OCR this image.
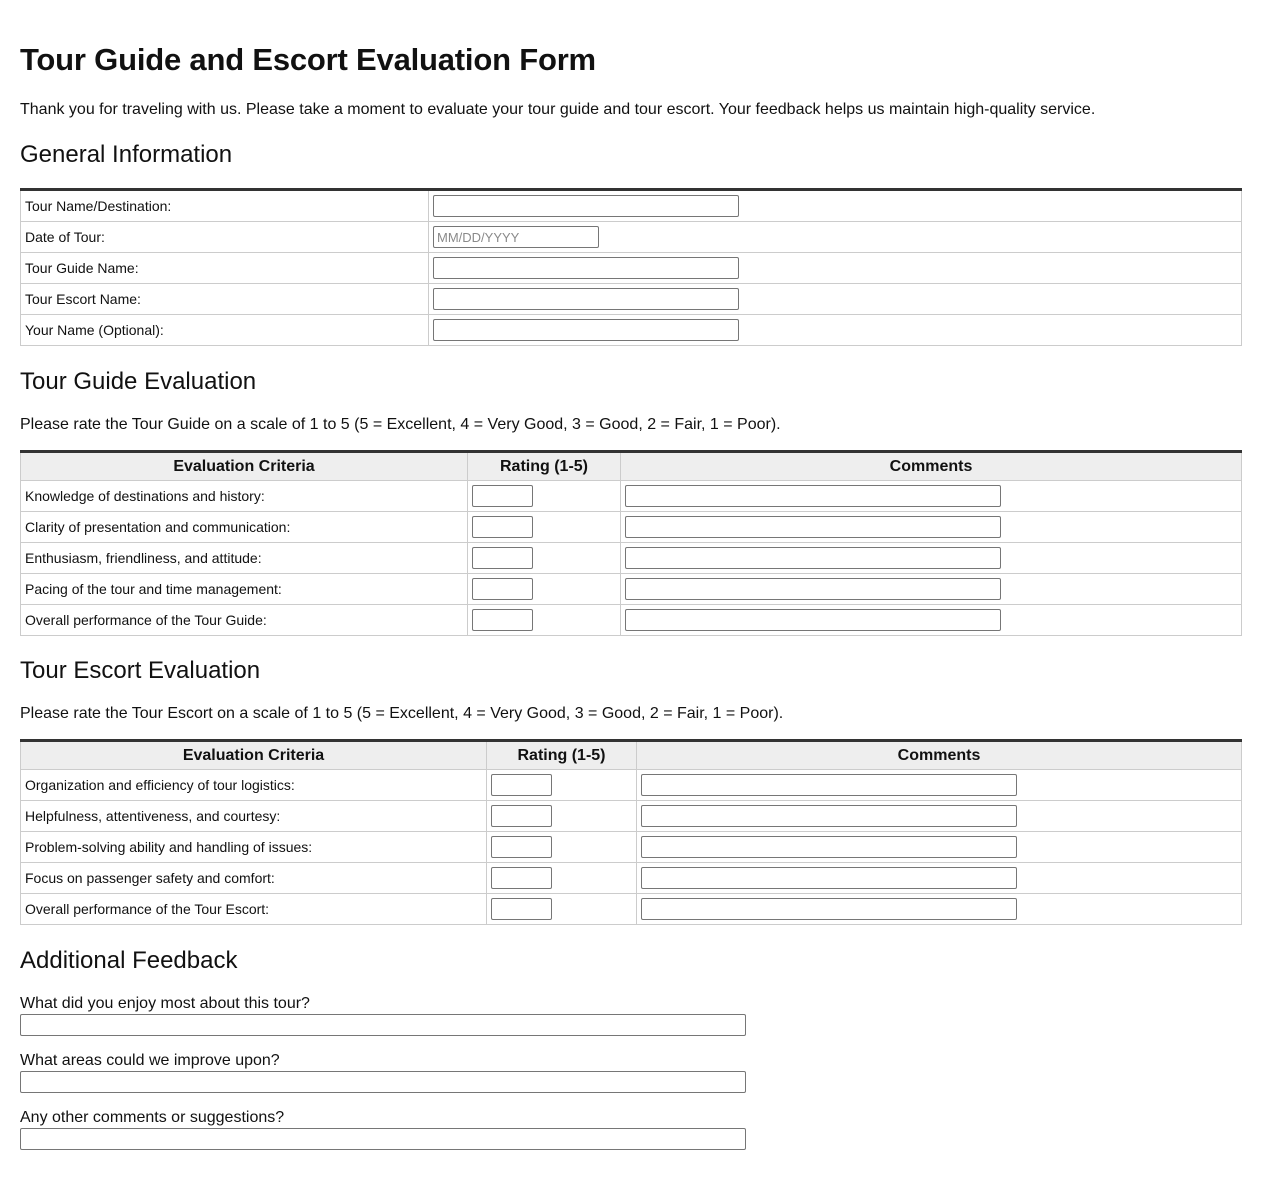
Tour Guide and Escort Evaluation Form

Thank you for traveling with us. Please take a moment to evaluate your tour guide and tour escort. Your feedback helps us maintain high-quality service.

General Information
Tour Name/Destination:	
Date of Tour:	MM/DD/YYYY
Tour Guide Name:	
Tour Escort Name:	
Your Name (Optional):	
Tour Guide Evaluation

Please rate the Tour Guide on a scale of 1 to 5 (5 = Excellent, 4 = Very Good, 3 = Good, 2 = Fair, 1 = Poor).

Evaluation Criteria	Rating (1-5)	Comments
Knowledge of destinations and history:		
Clarity of presentation and communication:		
Enthusiasm, friendliness, and attitude:		
Pacing of the tour and time management:		
Overall performance of the Tour Guide:		
Tour Escort Evaluation

Please rate the Tour Escort on a scale of 1 to 5 (5 = Excellent, 4 = Very Good, 3 = Good, 2 = Fair, 1 = Poor).

Evaluation Criteria	Rating (1-5)	Comments
Organization and efficiency of tour logistics:		
Helpfulness, attentiveness, and courtesy:		
Problem-solving ability and handling of issues:		
Focus on passenger safety and comfort:		
Overall performance of the Tour Escort:		
Additional Feedback

What did you enjoy most about this tour?

What areas could we improve upon?

Any other comments or suggestions?
